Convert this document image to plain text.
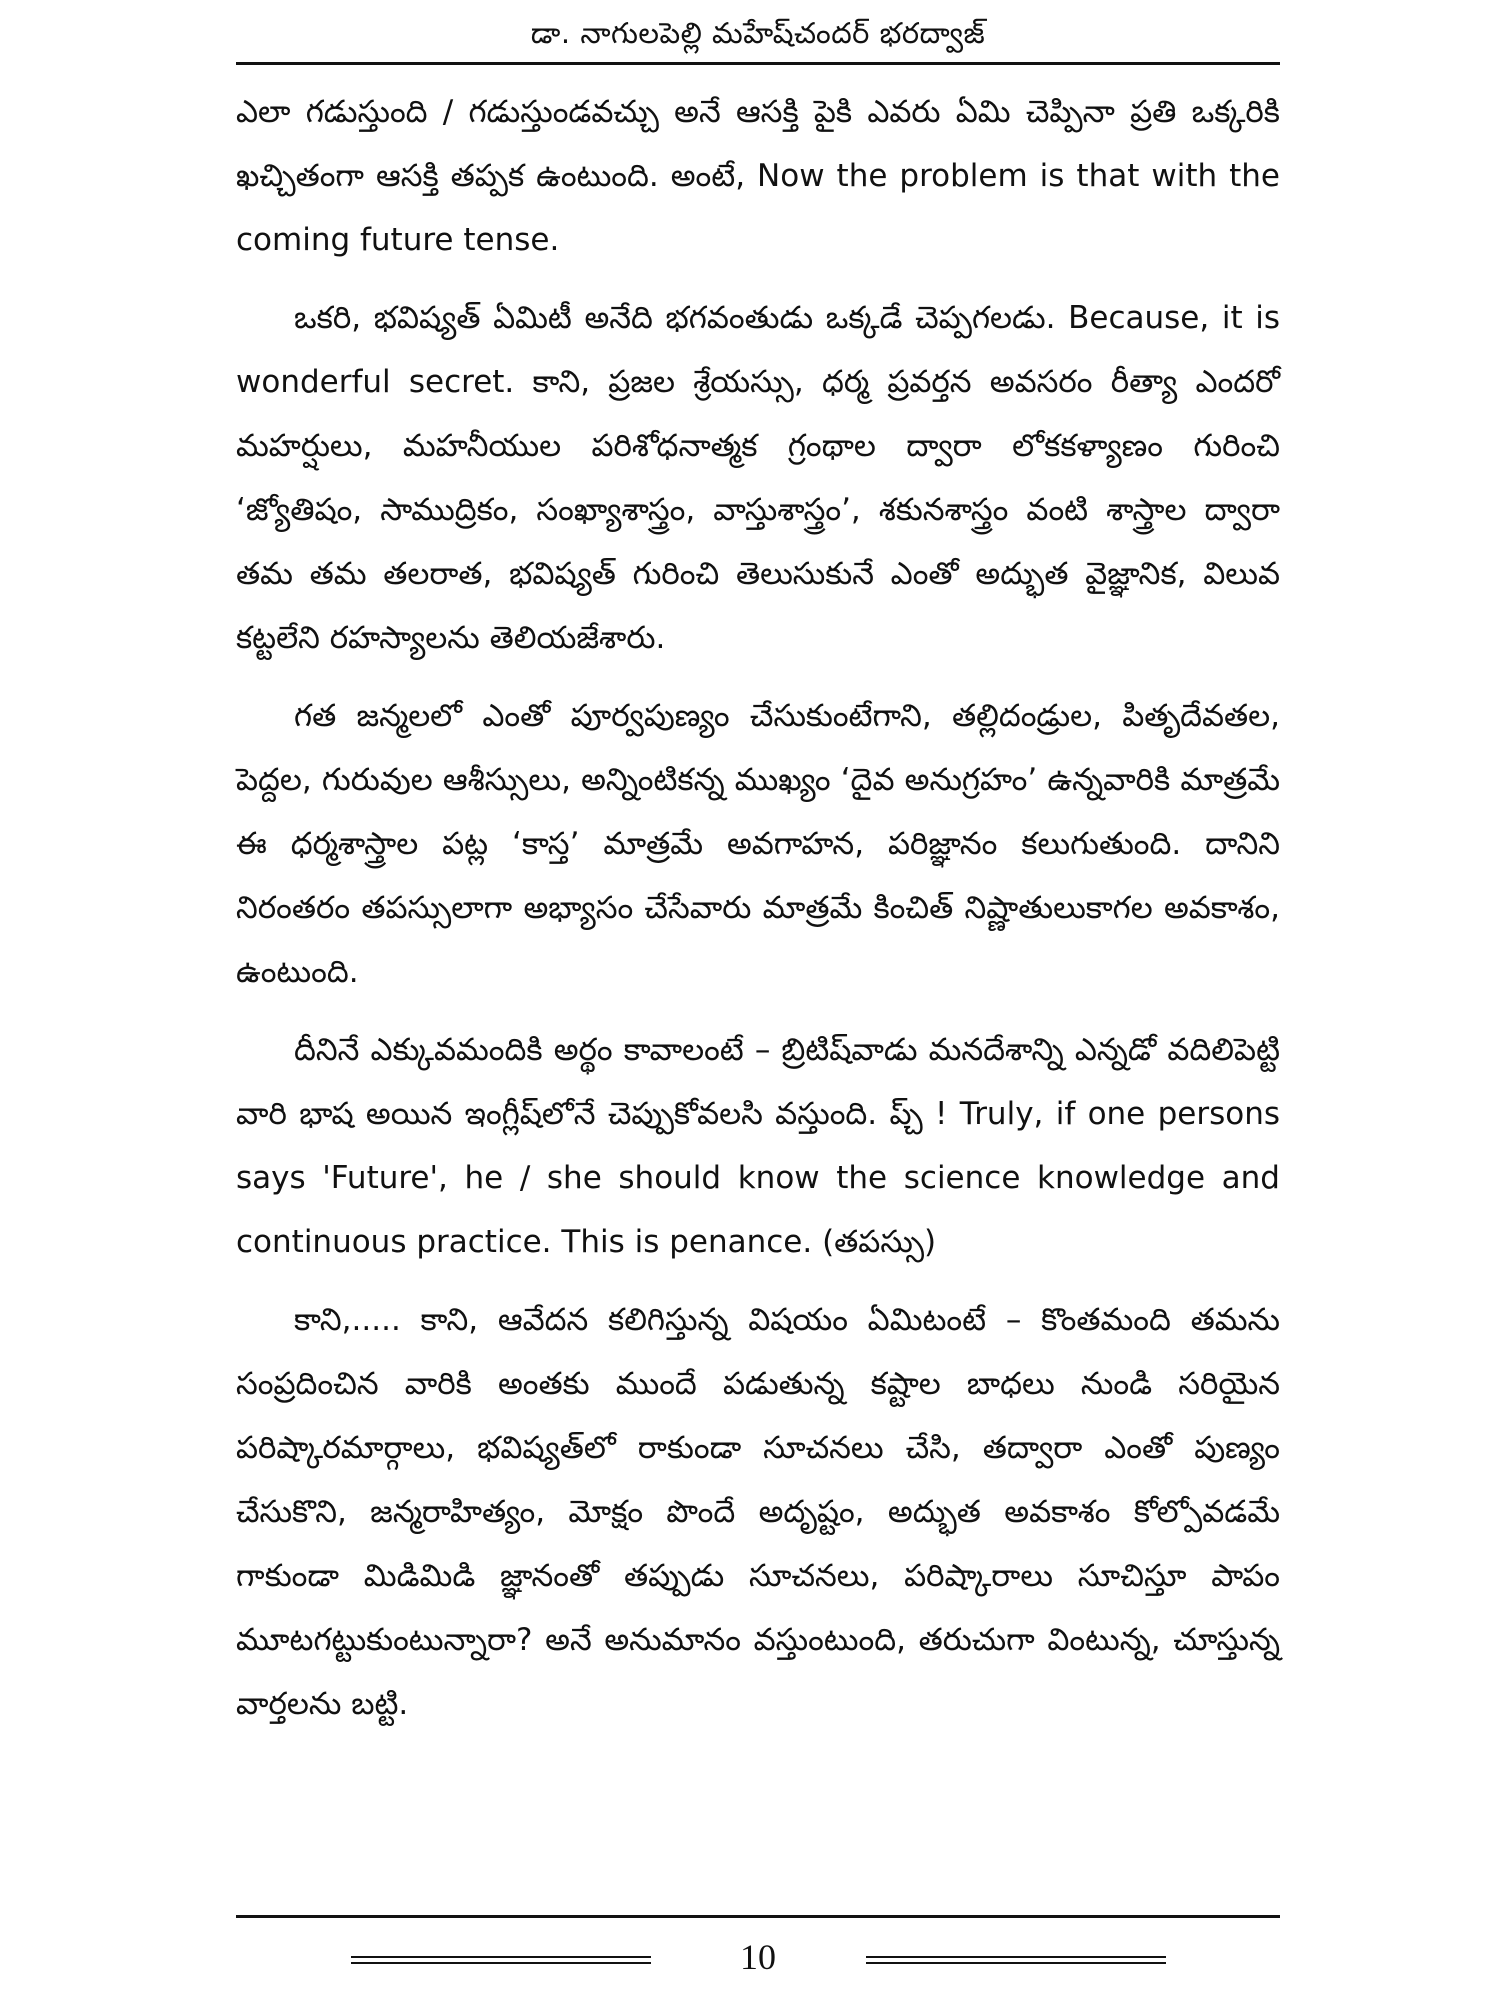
డా. నాగులపెల్లి మహేష్‌చందర్ భరద్వాజ్

ఎలా గడుస్తుంది / గడుస్తుండవచ్చు అనే ఆసక్తి పైకి ఎవరు ఏమి చెప్పినా ప్రతి ఒక్కరికి ఖచ్చితంగా ఆసక్తి తప్పక ఉంటుంది. అంటే, Now the problem is that with the coming future tense.

ఒకరి, భవిష్యత్ ఏమిటీ అనేది భగవంతుడు ఒక్కడే చెప్పగలడు. Because, it is wonderful secret. కాని, ప్రజల శ్రేయస్సు, ధర్మ ప్రవర్తన అవసరం రీత్యా ఎందరో మహర్షులు, మహనీయుల పరిశోధనాత్మక గ్రంథాల ద్వారా లోకకళ్యాణం గురించి ‘జ్యోతిషం, సాముద్రికం, సంఖ్యాశాస్త్రం, వాస్తుశాస్త్రం’, శకునశాస్త్రం వంటి శాస్త్రాల ద్వారా తమ తమ తలరాత, భవిష్యత్ గురించి తెలుసుకునే ఎంతో అద్భుత వైజ్ఞానిక, విలువ కట్టలేని రహస్యాలను తెలియజేశారు.

గత జన్మలలో ఎంతో పూర్వపుణ్యం చేసుకుంటేగాని, తల్లిదండ్రుల, పితృదేవతల, పెద్దల, గురువుల ఆశీస్సులు, అన్నింటికన్న ముఖ్యం ‘దైవ అనుగ్రహం’ ఉన్నవారికి మాత్రమే ఈ ధర్మశాస్త్రాల పట్ల ‘కాస్త’ మాత్రమే అవగాహన, పరిజ్ఞానం కలుగుతుంది. దానిని నిరంతరం తపస్సులాగా అభ్యాసం చేసేవారు మాత్రమే కించిత్ నిష్ణాతులుకాగల అవకాశం, ఉంటుంది.

దీనినే ఎక్కువమందికి అర్థం కావాలంటే – బ్రిటిష్‌వాడు మనదేశాన్ని ఎన్నడో వదిలిపెట్టి వారి భాష అయిన ఇంగ్లీష్‌లోనే చెప్పుకోవలసి వస్తుంది. ప్చ్ ! Truly, if one persons says 'Future', he / she should know the science knowledge and continuous practice. This is penance. (తపస్సు)

కాని,..... కాని, ఆవేదన కలిగిస్తున్న విషయం ఏమిటంటే – కొంతమంది తమను సంప్రదించిన వారికి అంతకు ముందే పడుతున్న కష్టాల బాధలు నుండి సరియైన పరిష్కారమార్గాలు, భవిష్యత్‌లో రాకుండా సూచనలు చేసి, తద్వారా ఎంతో పుణ్యం చేసుకొని, జన్మరాహిత్యం, మోక్షం పొందే అదృష్టం, అద్భుత అవకాశం కోల్పోవడమే గాకుండా మిడిమిడి జ్ఞానంతో తప్పుడు సూచనలు, పరిష్కారాలు సూచిస్తూ పాపం మూటగట్టుకుంటున్నారా? అనే అనుమానం వస్తుంటుంది, తరుచుగా వింటున్న, చూస్తున్న వార్తలను బట్టి.

10
